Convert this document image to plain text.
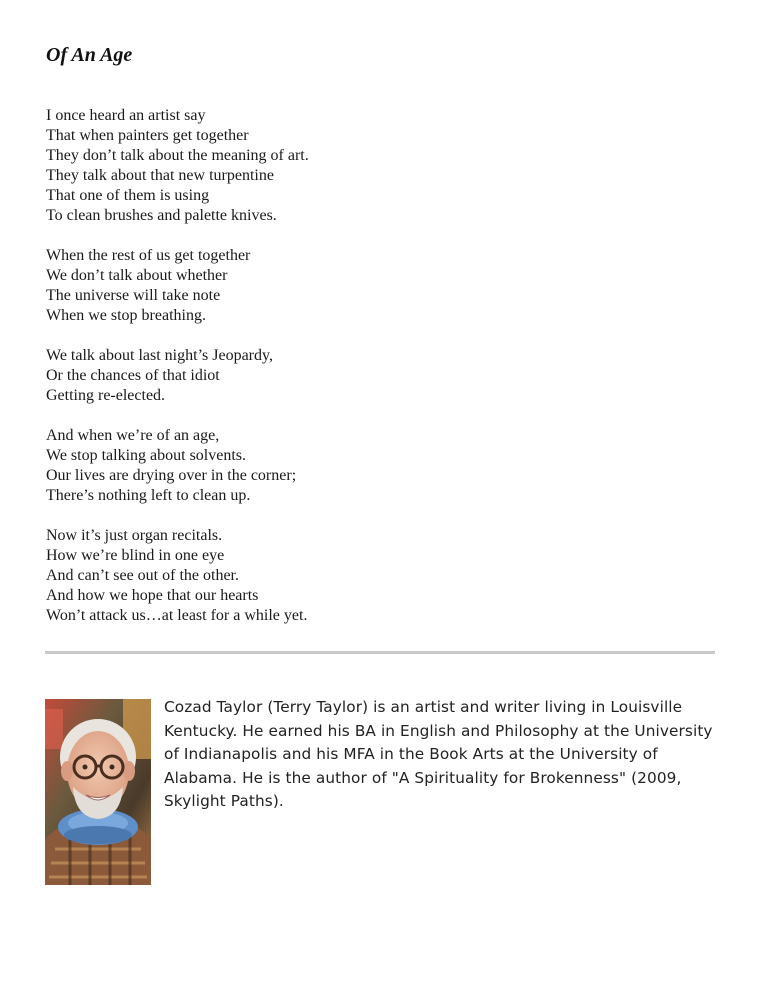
Of An Age
I once heard an artist say
That when painters get together
They don’t talk about the meaning of art.
They talk about that new turpentine
That one of them is using
To clean brushes and palette knives.
When the rest of us get together
We don’t talk about whether
The universe will take note
When we stop breathing.
We talk about last night’s Jeopardy,
Or the chances of that idiot
Getting re-elected.
And when we’re of an age,
We stop talking about solvents.
Our lives are drying over in the corner;
There’s nothing left to clean up.
Now it’s just organ recitals.
How we’re blind in one eye
And can’t see out of the other.
And how we hope that our hearts
Won’t attack us…at least for a while yet.

Cozad Taylor (Terry Taylor) is an artist and writer living in Louisville Kentucky. He earned his BA in English and Philosophy at the University of Indianapolis and his MFA in the Book Arts at the University of Alabama. He is the author of "A Spirituality for Brokenness" (2009, Skylight Paths).
